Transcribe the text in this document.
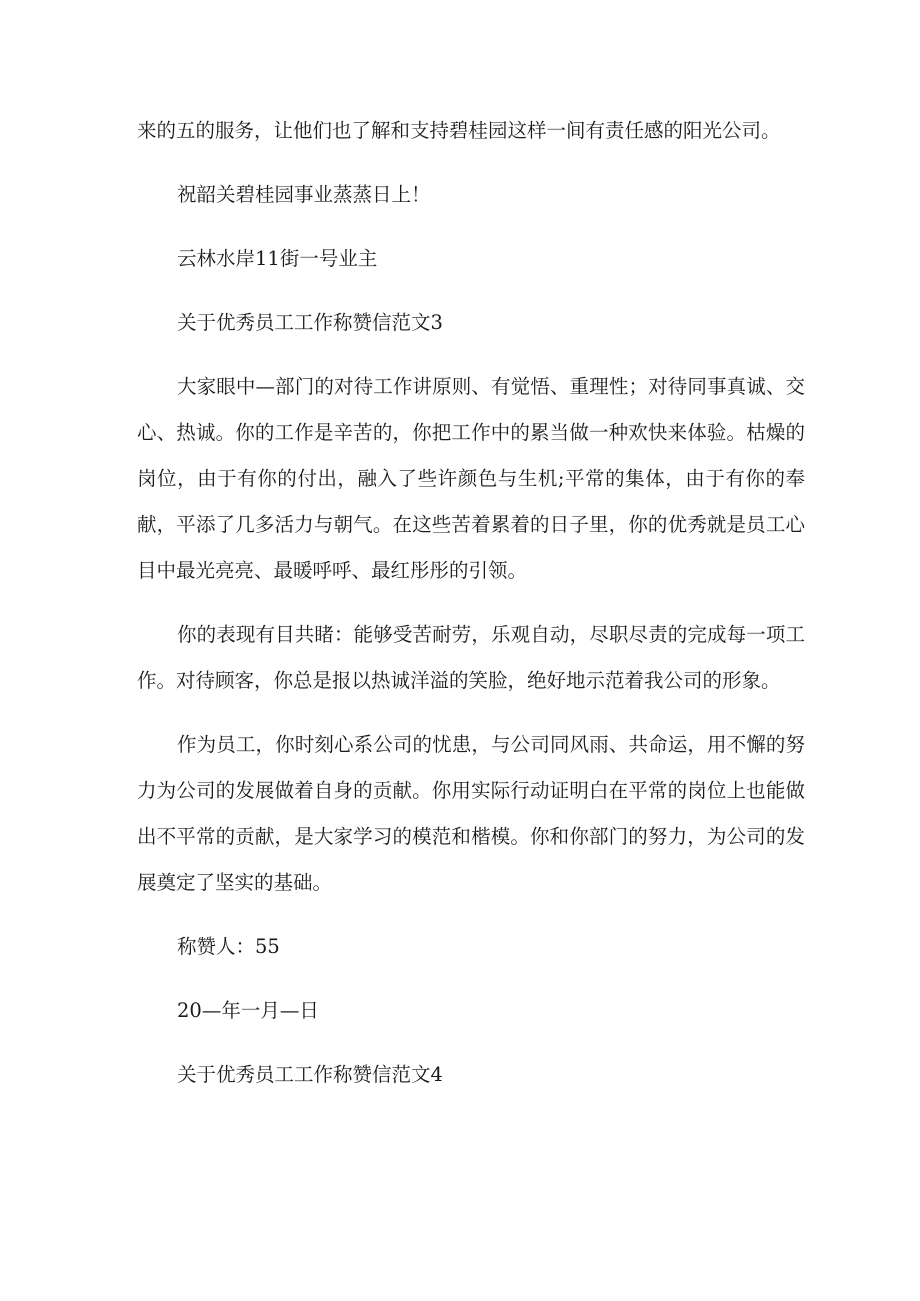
来的五的服务，让他们也了解和支持碧桂园这样一间有责任感的阳光公司。

祝韶关碧桂园事业蒸蒸日上！

云林水岸11街一号业主

关于优秀员工工作称赞信范文3

大家眼中—部门的对待工作讲原则、有觉悟、重理性；对待同事真诚、交心、热诚。你的工作是辛苦的，你把工作中的累当做一种欢快来体验。枯燥的岗位，由于有你的付出，融入了些许颜色与生机;平常的集体，由于有你的奉献，平添了几多活力与朝气。在这些苦着累着的日子里，你的优秀就是员工心目中最光亮亮、最暖呼呼、最红彤彤的引领。

你的表现有目共睹：能够受苦耐劳，乐观自动，尽职尽责的完成每一项工作。对待顾客，你总是报以热诚洋溢的笑脸，绝好地示范着我公司的形象。

作为员工，你时刻心系公司的忧患，与公司同风雨、共命运，用不懈的努力为公司的发展做着自身的贡献。你用实际行动证明白在平常的岗位上也能做出不平常的贡献，是大家学习的模范和楷模。你和你部门的努力，为公司的发展奠定了坚实的基础。

称赞人：55

20—年一月—日

关于优秀员工工作称赞信范文4
